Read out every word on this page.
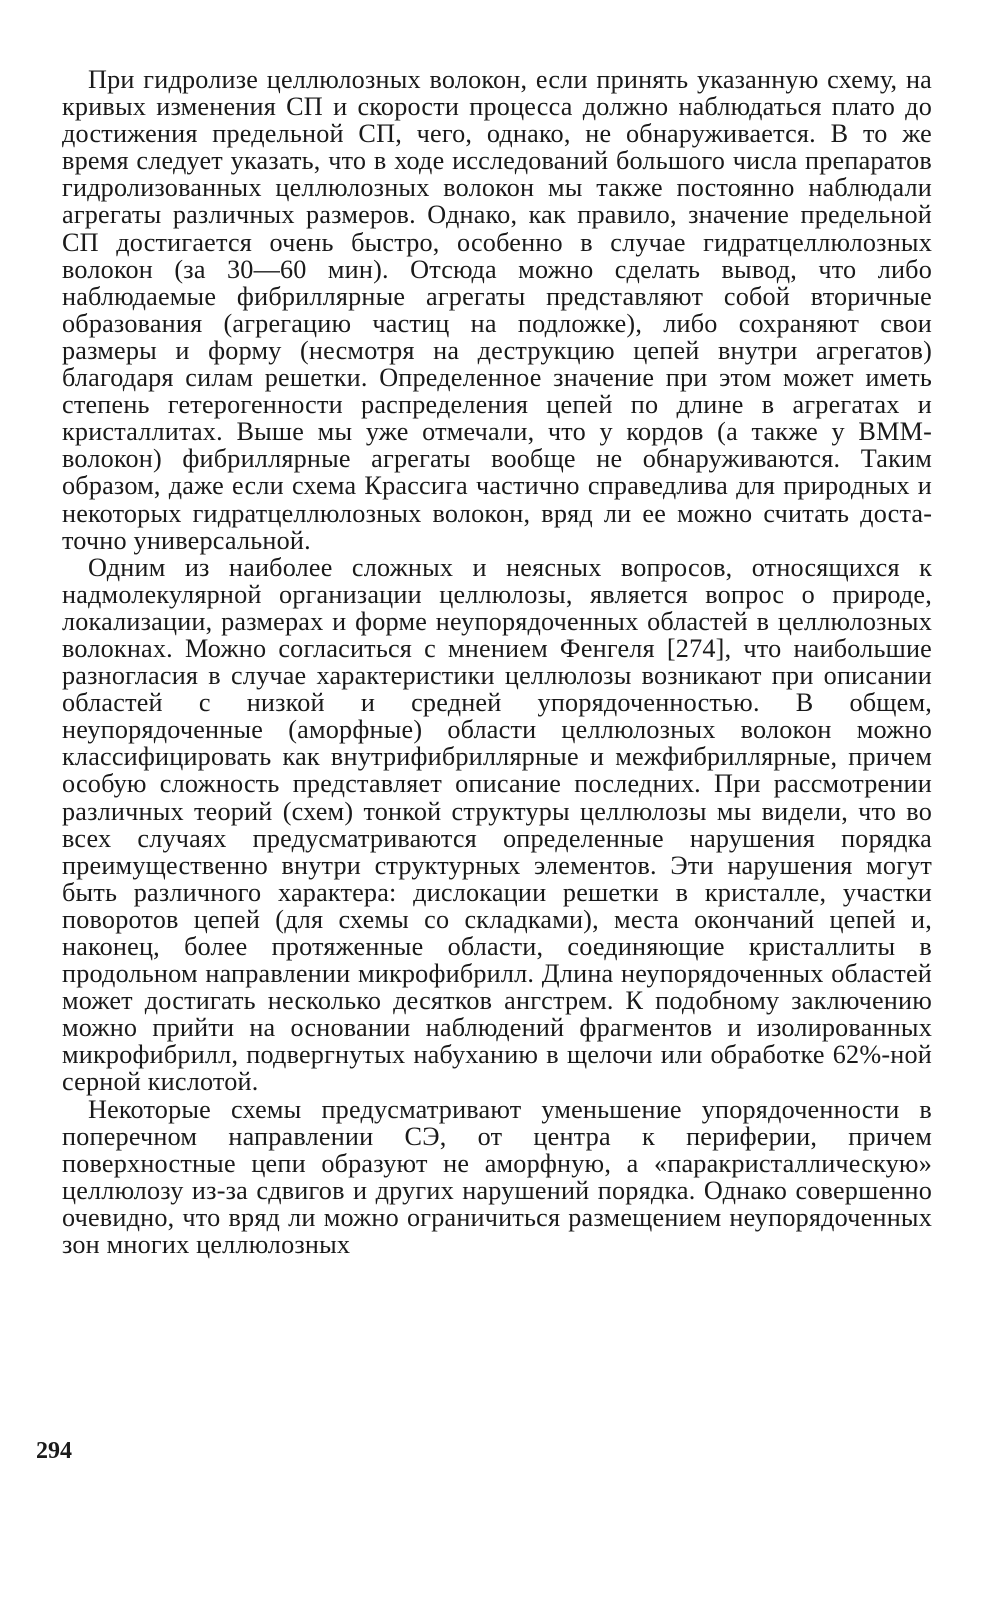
При гидролизе целлюлозных волокон, если принять указанную схему, на кривых изменения СП и скорости процесса должно наблюдаться плато до достижения предельной СП, чего, однако, не обнаруживается. В то же время следует указать, что в ходе исследований большого числа препаратов гидролизованных целлюлозных волокон мы также постоянно наблюдали агрегаты различных размеров. Однако, как правило, значение предельной СП достигается очень быстро, особенно в случае гидратцеллюлозных волокон (за 30—60 мин). Отсюда можно сделать вывод, что либо наблюдаемые фибриллярные агрегаты представляют собой вторичные образования (агрегацию частиц на подложке), либо сохраняют свои размеры и форму (несмотря на деструкцию цепей внутри агрегатов) благодаря силам решетки. Определенное значение при этом может иметь степень гетерогенности распределения цепей по длине в агрегатах и кристаллитах. Выше мы уже отмечали, что у кордов (а также у ВММ-волокон) фибриллярные агрегаты вообще не обнаруживаются. Таким образом, даже если схема Крассига частично справедлива для природных и некоторых гидратцеллюлозных волокон, вряд ли ее можно считать достаточно универсальной.

Одним из наиболее сложных и неясных вопросов, относящихся к надмолекулярной организации целлюлозы, является вопрос о природе, локализации, размерах и форме неупорядоченных областей в целлюлозных волокнах. Можно согласиться с мнением Фенгеля [274], что наибольшие разногласия в случае характеристики целлюлозы возникают при описании областей с низкой и средней упорядоченностью. В общем, неупорядоченные (аморфные) области целлюлозных волокон можно классифицировать как внутрифибриллярные и межфибриллярные, причем особую сложность представляет описание последних. При рассмотрении различных теорий (схем) тонкой структуры целлюлозы мы видели, что во всех случаях предусматриваются определенные нарушения порядка преимущественно внутри структурных элементов. Эти нарушения могут быть различного характера: дислокации решетки в кристалле, участки поворотов цепей (для схемы со складками), места окончаний цепей и, наконец, более протяженные области, соединяющие кристаллиты в продольном направлении микрофибрилл. Длина неупорядоченных областей может достигать несколько десятков ангстрем. К подобному заключению можно прийти на основании наблюдений фрагментов и изолированных микрофибрилл, подвергнутых набуханию в щелочи или обработке 62%-ной серной кислотой.

Некоторые схемы предусматривают уменьшение упорядоченности в поперечном направлении СЭ, от центра к периферии, причем поверхностные цепи образуют не аморфную, а «паракристаллическую» целлюлозу из-за сдвигов и других нарушений порядка. Однако совершенно очевидно, что вряд ли можно ограничиться размещением неупорядоченных зон многих целлюлозных

294
